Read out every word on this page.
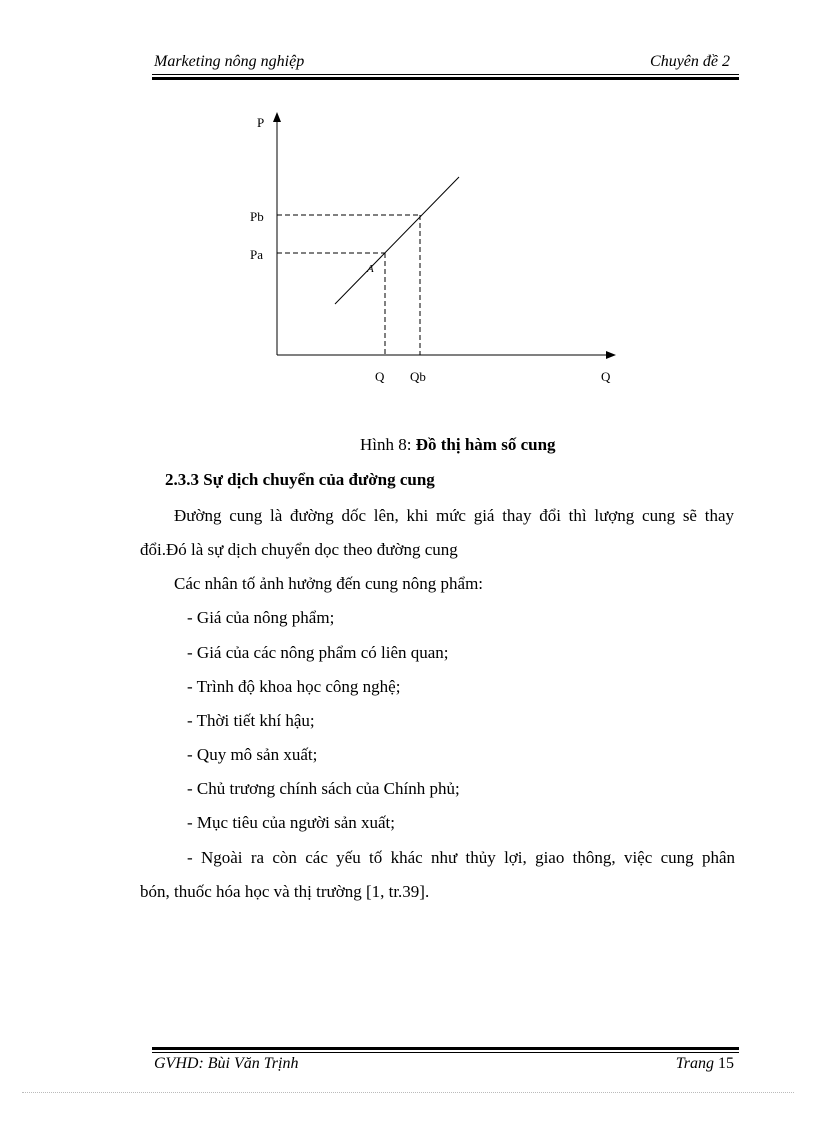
Marketing nông nghiệp	Chuyên đề 2
P
Pb
Pa
A
Q Qb	Q
Hình 8: Đồ thị hàm số cung
2.3.3 Sự dịch chuyển của đường cung
Đường cung là đường dốc lên, khi mức giá thay đổi thì lượng cung sẽ thay
đổi.Đó là sự dịch chuyển dọc theo đường cung
Các nhân tố ảnh hưởng đến cung nông phẩm:
- Giá của nông phẩm;
- Giá của các nông phẩm có liên quan;
- Trình độ khoa học công nghệ;
- Thời tiết khí hậu;
- Quy mô sản xuất;
- Chủ trương chính sách của Chính phủ;
- Mục tiêu của người sản xuất;
- Ngoài ra còn các yếu tố khác như thủy lợi, giao thông, việc cung phân
bón, thuốc hóa học và thị trường [1, tr.39].
GVHD: Bùi Văn Trịnh	Trang 15
